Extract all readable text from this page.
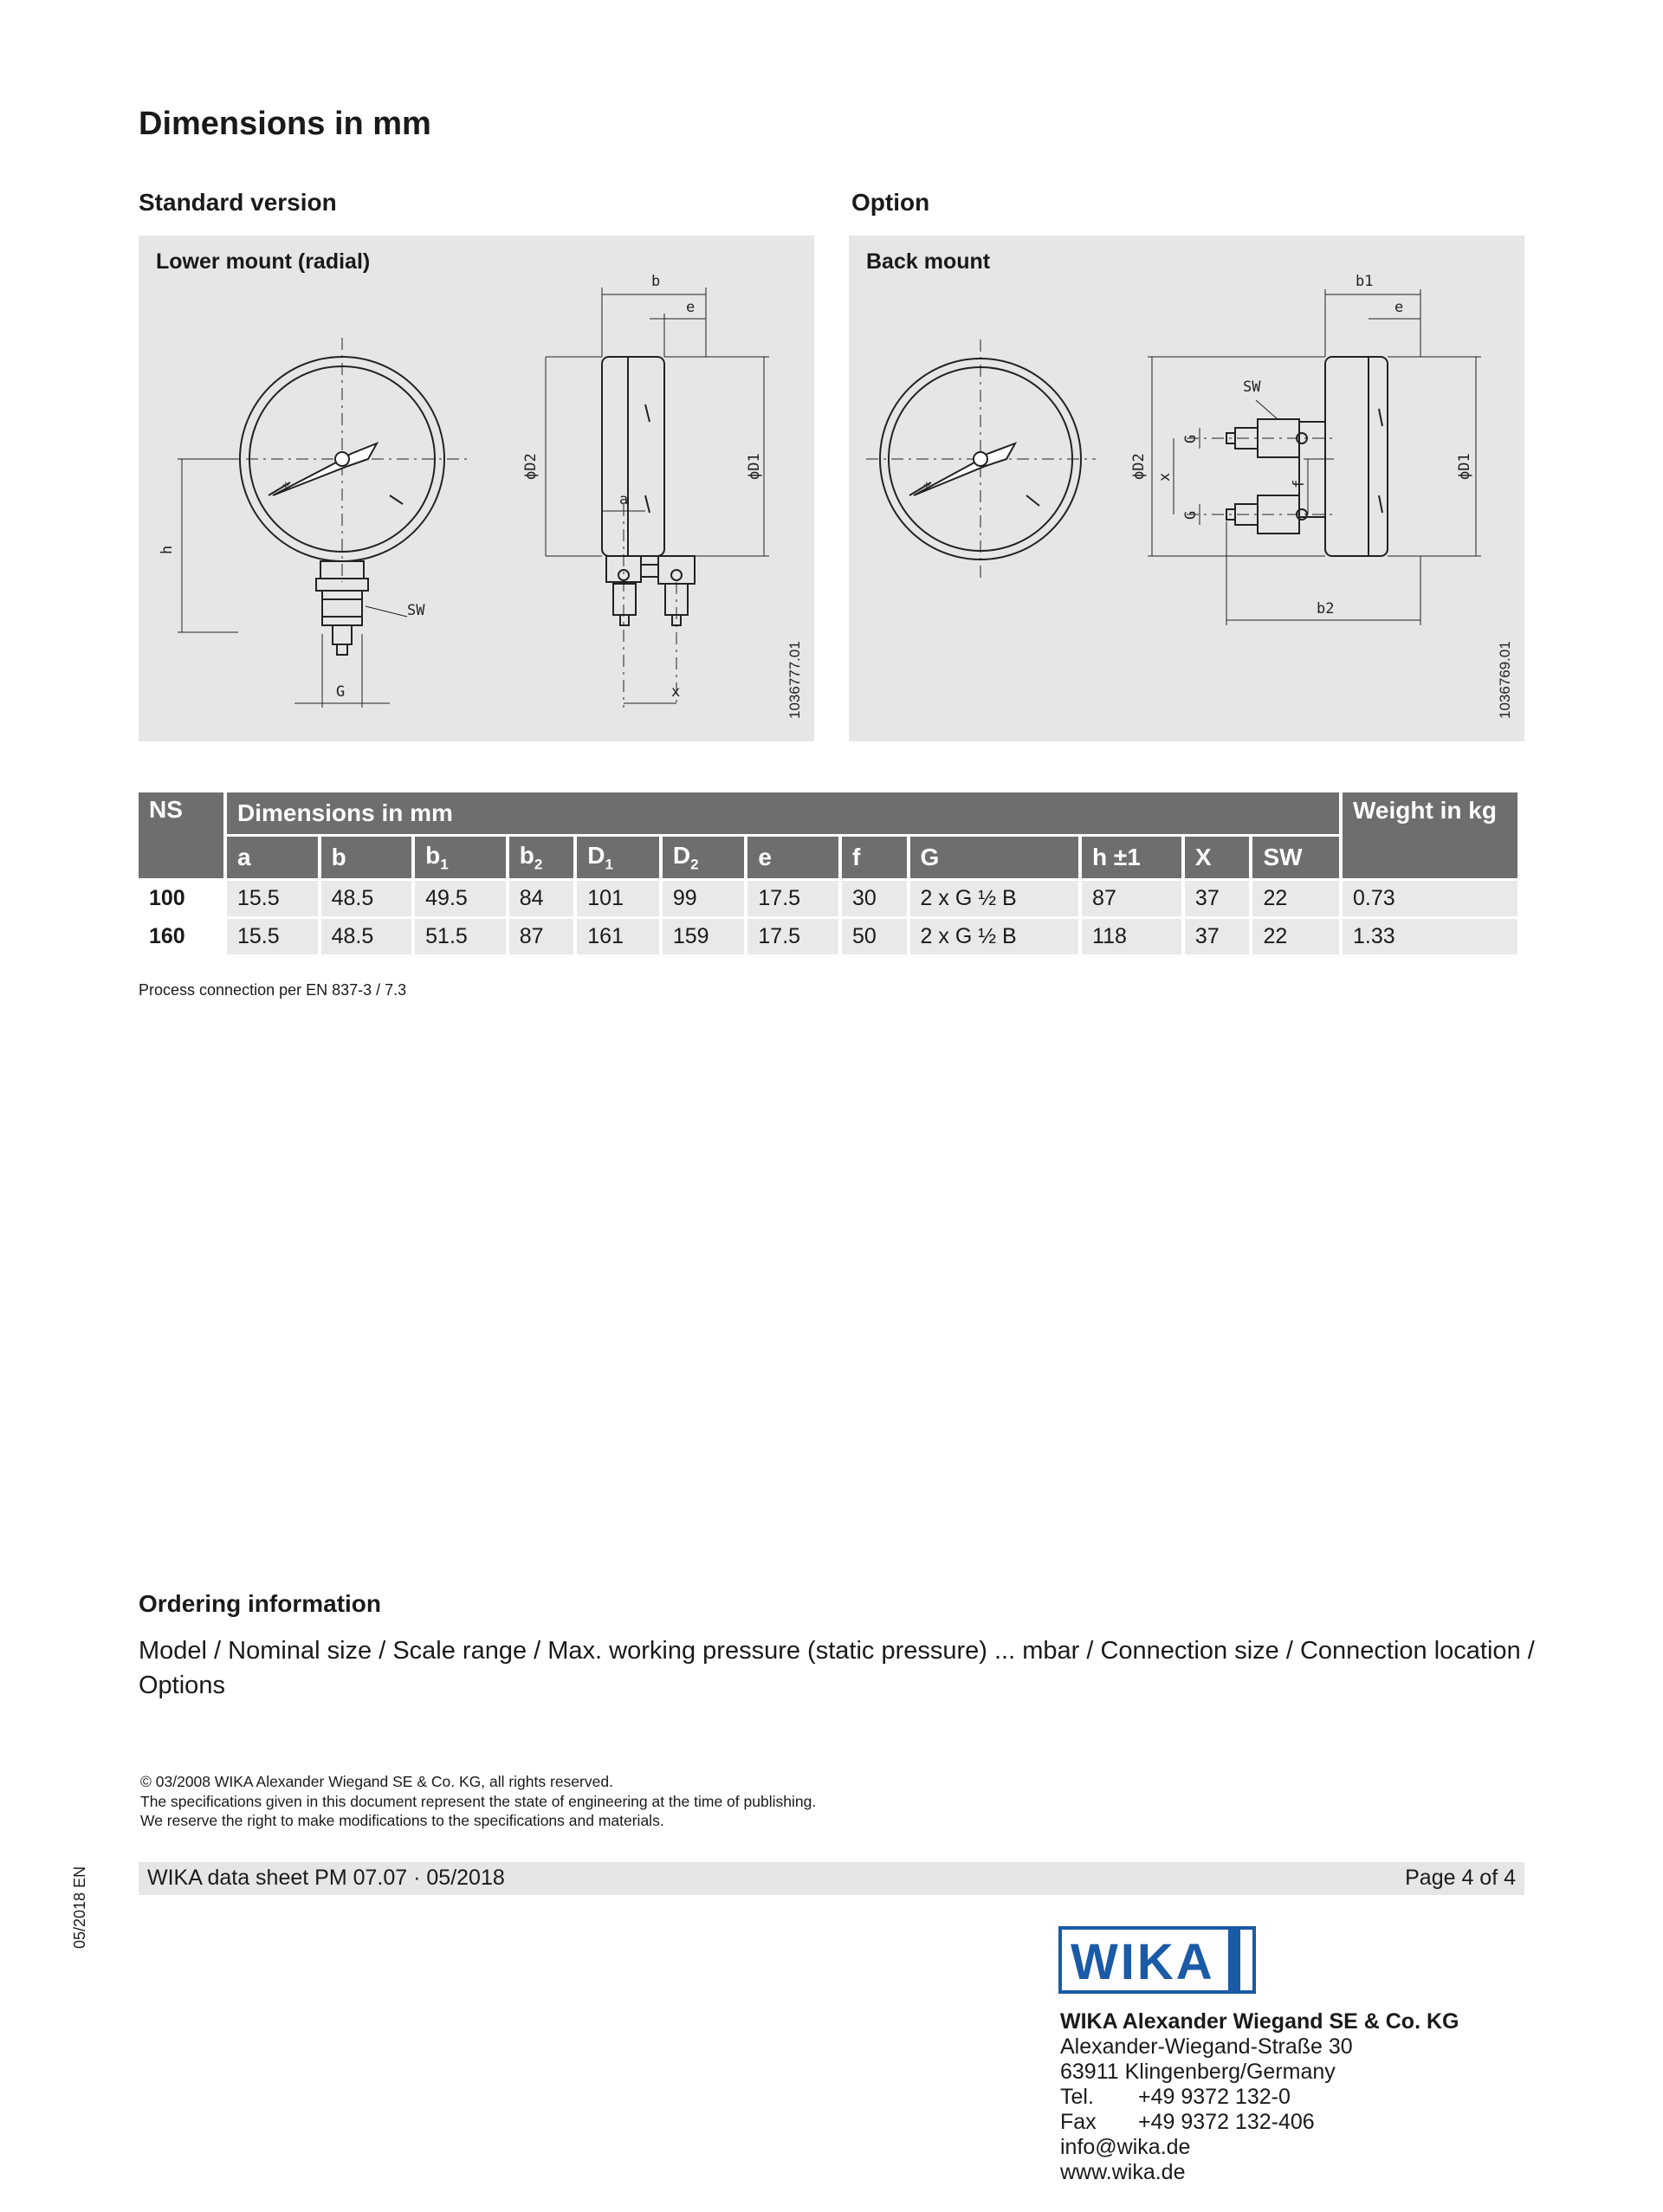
Dimensions in mm
Standard version	Option
+
h
SW
G
b
e
ϕD2	ϕD1
a
x
Lower mount (radial)
1036777.01
+
SW
G
G
x
f
b1
e
ϕD2	ϕD1
b2
Back mount
1036769.01
NS	Dimensions in mm												Weight in kg
	a	b	$b_1$	$b_2$	$D_1$	$D_2$	e	f	G	h ±1	X	SW	
100	15.5	48.5	49.5	84	101	99	17.5	30	2 x G ½ B	87	37	22	0.73
160	15.5	48.5	51.5	87	161	159	17.5	50	2 x G ½ B	118	37	22	1.33
Process connection per EN 837-3 / 7.3
Ordering information
Model / Nominal size / Scale range / Max. working pressure (static pressure) ... mbar / Connection size / Connection location / Options
© 03/2008 WIKA Alexander Wiegand SE & Co. KG, all rights reserved.
The specifications given in this document represent the state of engineering at the time of publishing.
We reserve the right to make modifications to the specifications and materials.
WIKA data sheet PM 07.07 · 05/2018	Page 4 of 4
05/2018 EN
WIKA
WIKA Alexander Wiegand SE & Co. KG
Alexander-Wiegand-Straße 30
63911 Klingenberg/Germany
Tel. +49 9372 132-0
Fax +49 9372 132-406
info@wika.de
www.wika.de
